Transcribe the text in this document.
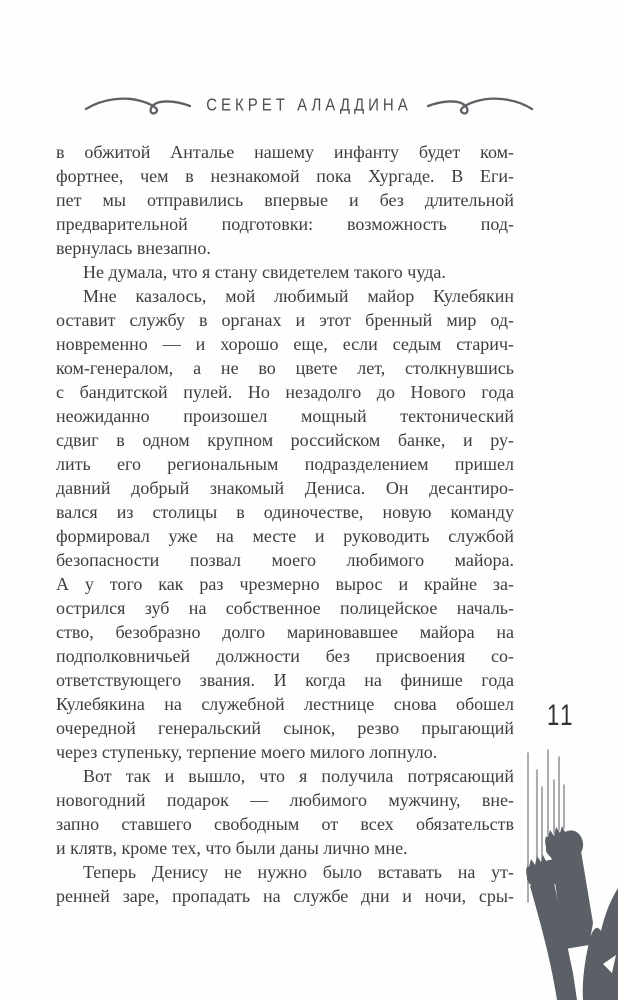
СЕКРЕТ АЛАДДИНА
в обжитой Анталье нашему инфанту будет ком-
фортнее, чем в незнакомой пока Хургаде. В Еги-
пет мы отправились впервые и без длительной
предварительной подготовки: возможность под-
вернулась внезапно.
Не думала, что я стану свидетелем такого чуда.
Мне казалось, мой любимый майор Кулебякин
оставит службу в органах и этот бренный мир од-
новременно — и хорошо еще, если седым старич-
ком-генералом, а не во цвете лет, столкнувшись
с бандитской пулей. Но незадолго до Нового года
неожиданно произошел мощный тектонический
сдвиг в одном крупном российском банке, и ру-
лить его региональным подразделением пришел
давний добрый знакомый Дениса. Он десантиро-
вался из столицы в одиночестве, новую команду
формировал уже на месте и руководить службой
безопасности позвал моего любимого майора.
А у того как раз чрезмерно вырос и крайне за-
острился зуб на собственное полицейское началь-
ство, безобразно долго мариновавшее майора на
подполковничьей должности без присвоения со-
ответствующего звания. И когда на финише года
Кулебякина на служебной лестнице снова обошел
очередной генеральский сынок, резво прыгающий
через ступеньку, терпение моего милого лопнуло.
Вот так и вышло, что я получила потрясающий
новогодний подарок — любимого мужчину, вне-
запно ставшего свободным от всех обязательств
и клятв, кроме тех, что были даны лично мне.
Теперь Денису не нужно было вставать на ут-
ренней заре, пропадать на службе дни и ночи, сры-
11
